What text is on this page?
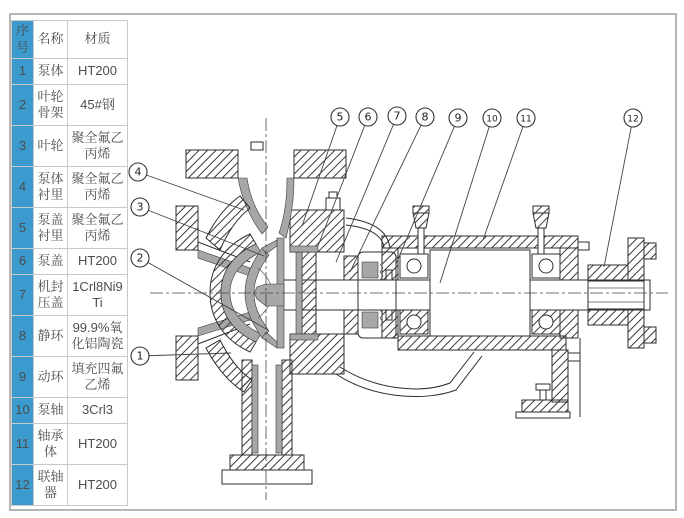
1
2
3
4
5 6 7 8 9	10	11	12
序号	名称	材质
1	泵体	HT200
2	叶轮骨架	45#钢
3	叶轮	聚全氟乙丙烯
4	泵体衬里	聚全氟乙丙烯
5	泵盖衬里	聚全氟乙丙烯
6	泵盖	HT200
7	机封压盖	1Crl8Ni9Ti
8	静环	99.9%氧化铝陶瓷
9	动环	填充四氟乙烯
10	泵轴	3Crl3
11	轴承体	HT200
12	联轴器	HT200
